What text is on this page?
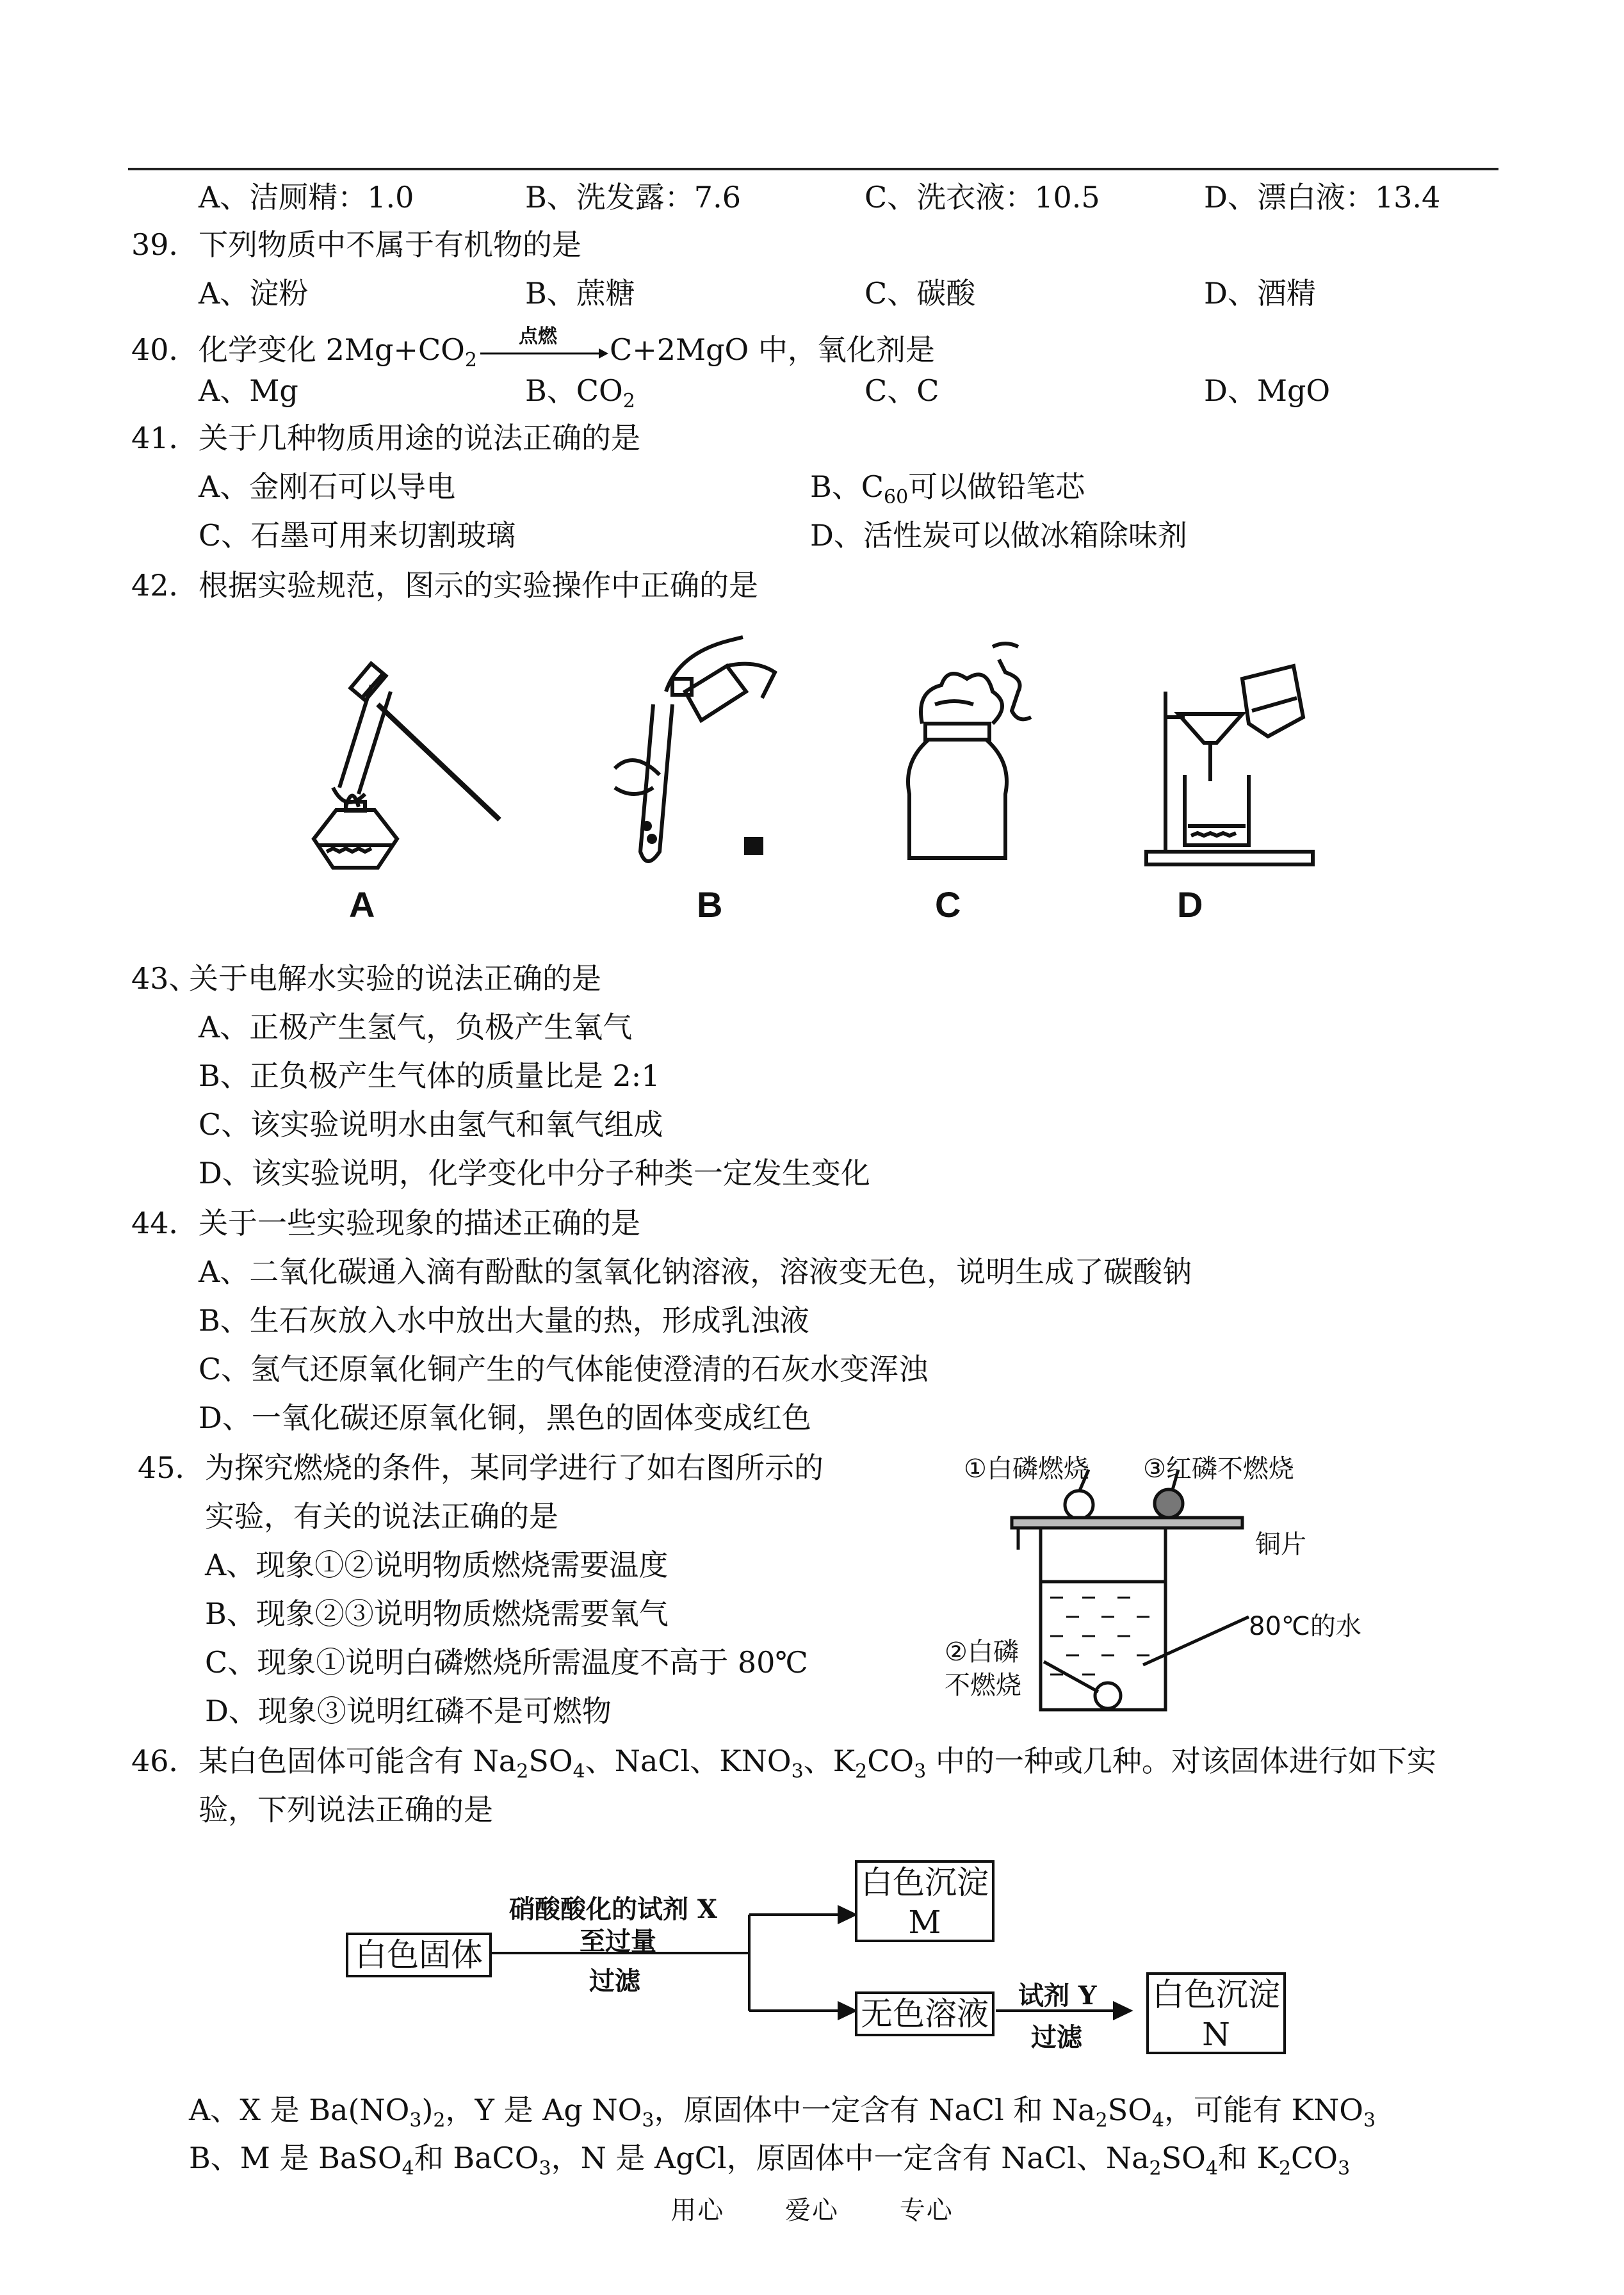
A、洁厕精：1.0	B、洗发露：7.6	C、洗衣液：10.5	D、漂白液：13.4
39． 下列物质中不属于有机物的是
A、淀粉	B、蔗糖	C、碳酸	D、酒精
40． 化学变化 $2Mg+CO_2$
点燃 C+2MgO 中，氧化剂是
A、Mg	B、$CO_2$	C、C	D、MgO
41． 关于几种物质用途的说法正确的是
A、金刚石可以导电	B、$C_{60}$可以做铅笔芯
C、石墨可用来切割玻璃	D、活性炭可以做冰箱除味剂
42． 根据实验规范，图示的实验操作中正确的是
A	B	C	D
43、
关于电解水实验的说法正确的是
A、正极产生氢气，负极产生氧气
B、正负极产生气体的质量比是 2:1
C、该实验说明水由氢气和氧气组成
D、该实验说明，化学变化中分子种类一定发生变化
44． 关于一些实验现象的描述正确的是
A、二氧化碳通入滴有酚酞的氢氧化钠溶液，溶液变无色，说明生成了碳酸钠
B、生石灰放入水中放出大量的热，形成乳浊液
C、氢气还原氧化铜产生的气体能使澄清的石灰水变浑浊
D、一氧化碳还原氧化铜，黑色的固体变成红色
45． 为探究燃烧的条件，某同学进行了如右图所示的
实验，有关的说法正确的是
A、现象①②说明物质燃烧需要温度
B、现象②③说明物质燃烧需要氧气
C、现象①说明白磷燃烧所需温度不高于 80℃
D、现象③说明红磷不是可燃物
①白磷燃烧 ③红磷不燃烧
铜片
80℃的水
②白磷
不燃烧
46． 某白色固体可能含有 $Na_2SO_4$、NaCl、$KNO_3$、$K_2CO_3$ 中的一种或几种。对该固体进行如下实
验，下列说法正确的是
白色固体
硝酸酸化的试剂 X
至过量
过滤
白色沉淀
M
无色溶液 试剂 Y
过滤
白色沉淀
N
A、X 是 $Ba(NO_3)_2$，Y 是 Ag $NO_3$，原固体中一定含有 NaCl 和 $Na_2SO_4$，可能有 $KNO_3$
B、M 是 BaSO$_4$和 BaCO$_3$，N 是 AgCl，原固体中一定含有 NaCl、$Na_2SO_4$和 $K_2CO_3$
用心 爱心 专心
